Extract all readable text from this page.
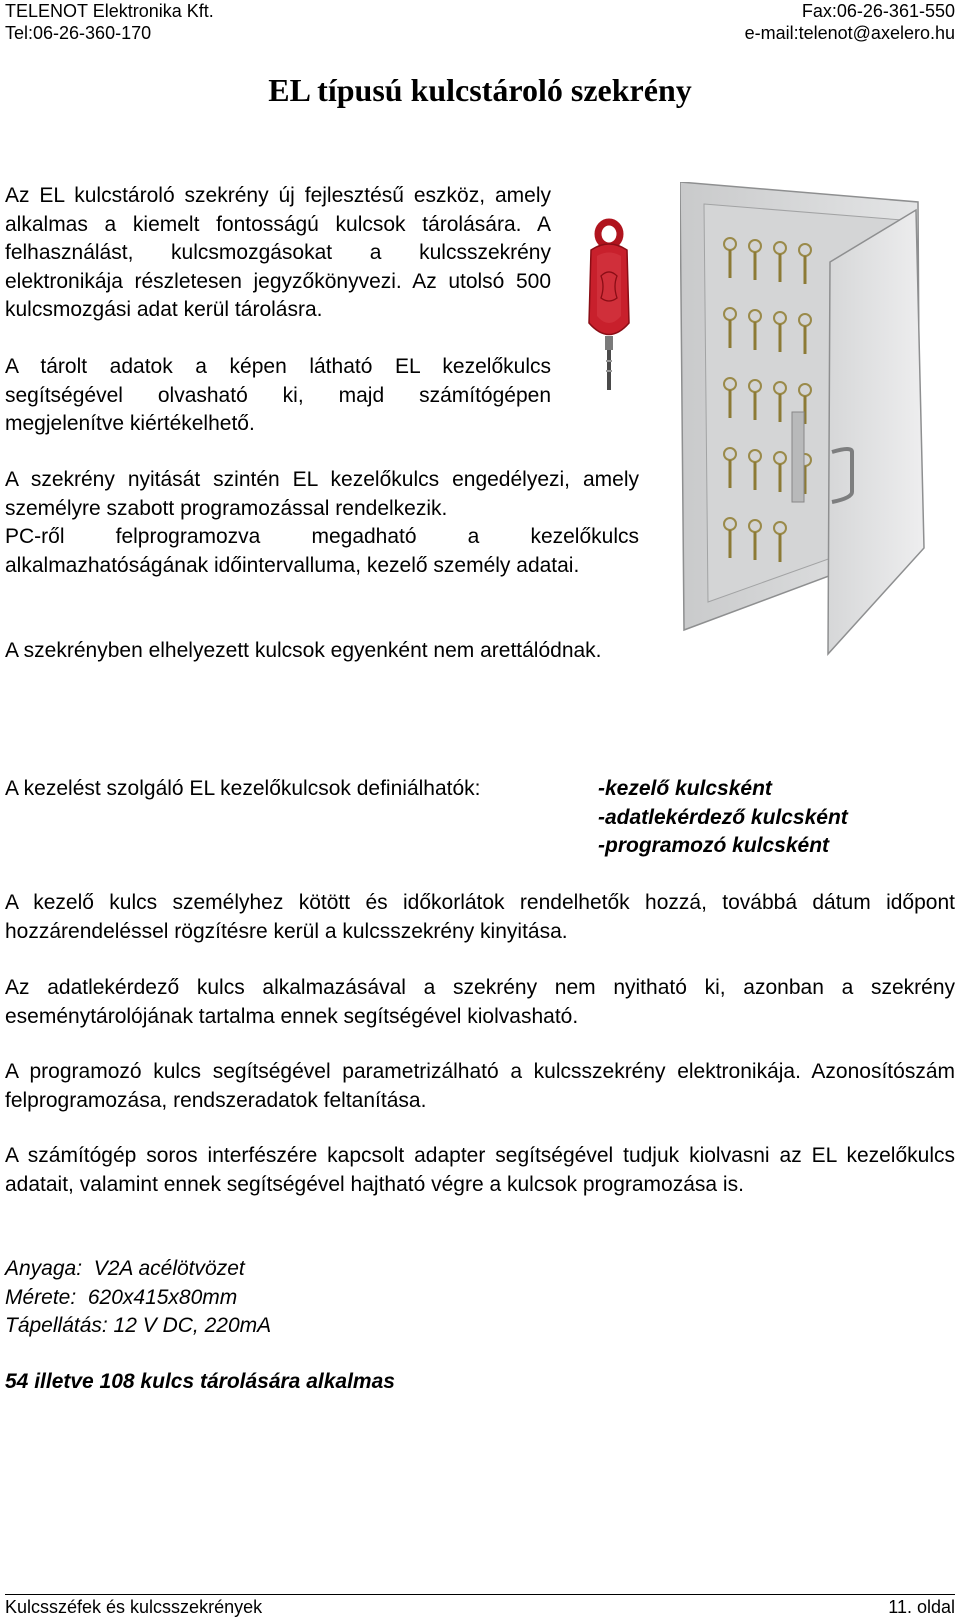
TELENOT Elektronika Kft.
Tel:06-26-360-170
Fax:06-26-361-550
e-mail:telenot@axelero.hu
EL típusú kulcstároló szekrény
Az EL kulcstároló szekrény új fejlesztésű eszköz, amely alkalmas a kiemelt fontosságú kulcsok tárolására. A felhasználást, kulcsmozgásokat a kulcsszekrény elektronikája részletesen jegyzőkönyvezi. Az utolsó 500 kulcsmozgási adat kerül tárolásra.
A tárolt adatok a képen látható EL kezelőkulcs segítségével olvasható ki, majd számítógépen megjelenítve kiértékelhető.
A szekrény nyitását szintén EL kezelőkulcs engedélyezi, amely személyre szabott programozással rendelkezik.
PC-ről felprogramozva megadható a kezelőkulcs alkalmazhatóságának időintervalluma, kezelő személy adatai.
A szekrényben elhelyezett kulcsok egyenként nem arettálódnak.
A kezelést szolgáló EL kezelőkulcsok definiálhatók:	-kezelő kulcsként
-adatlekérdező kulcsként
-programozó kulcsként
A kezelő kulcs személyhez kötött és időkorlátok rendelhetők hozzá, továbbá dátum időpont hozzárendeléssel rögzítésre kerül a kulcsszekrény kinyitása.
Az adatlekérdező kulcs alkalmazásával a szekrény nem nyitható ki, azonban a szekrény eseménytárolójának tartalma ennek segítségével kiolvasható.
A programozó kulcs segítségével parametrizálható a kulcsszekrény elektronikája. Azonosítószám felprogramozása, rendszeradatok feltanítása.
A számítógép soros interfészére kapcsolt adapter segítségével tudjuk kiolvasni az EL kezelőkulcs adatait, valamint ennek segítségével hajtható végre a kulcsok programozása is.
Anyaga:  V2A acélötvözet
Mérete:  620x415x80mm
Tápellátás: 12 V DC, 220mA
54 illetve 108 kulcs tárolására alkalmas
Kulcsszéfek és kulcsszekrények	11. oldal
